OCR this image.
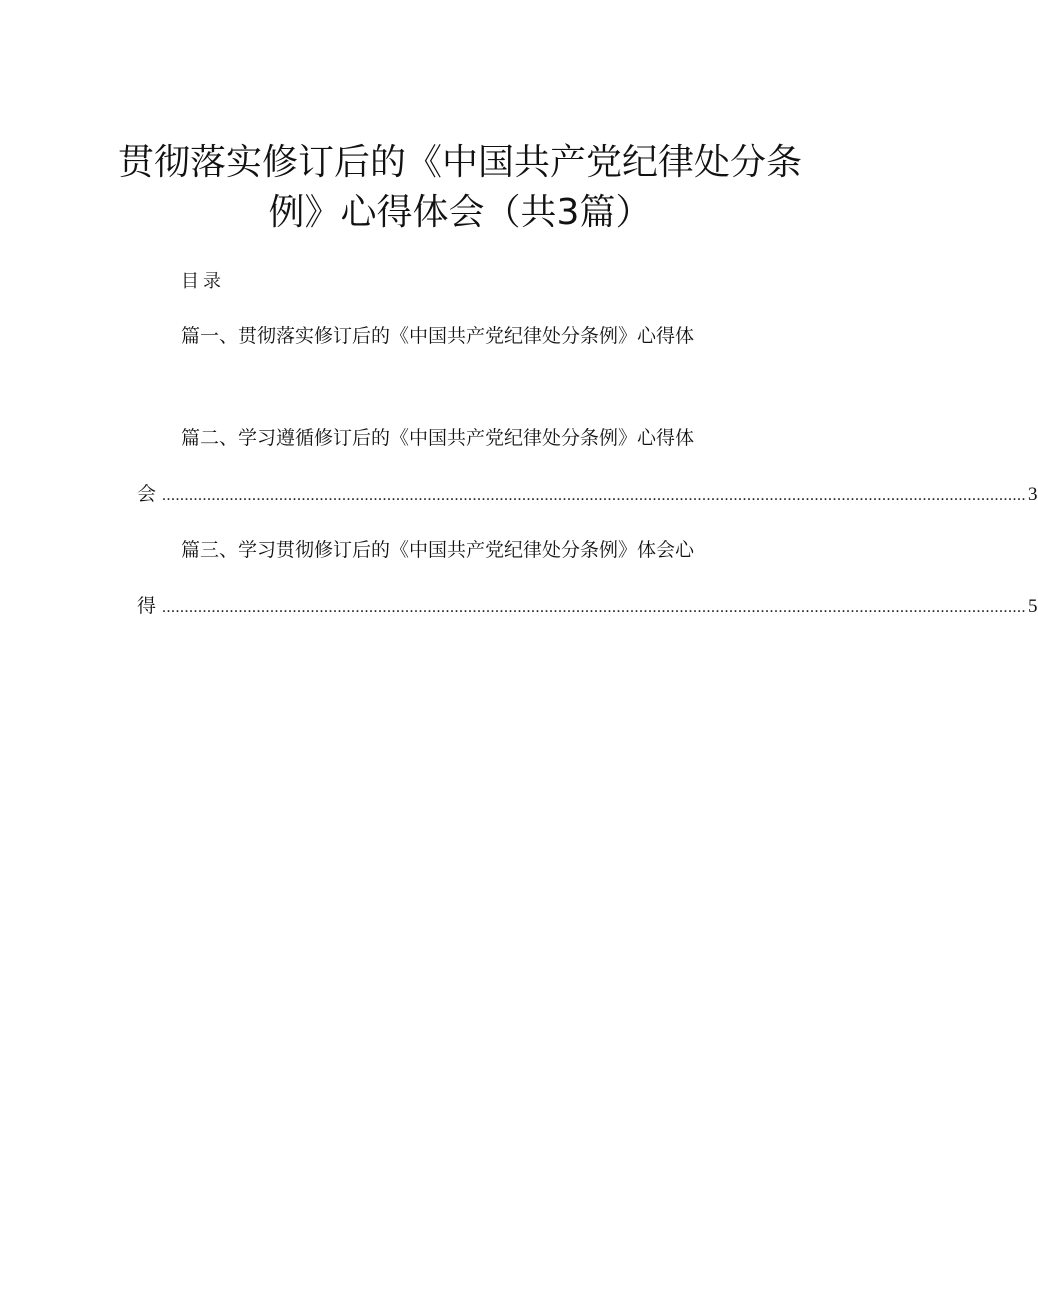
贯彻落实修订后的《中国共产党纪律处分条
例》心得体会（共3篇）
目录
篇一、贯彻落实修订后的《中国共产党纪律处分条例》心得体
篇二、学习遵循修订后的《中国共产党纪律处分条例》心得体
会 ................................................................................................................................................................................................ 3
篇三、学习贯彻修订后的《中国共产党纪律处分条例》体会心
得 ................................................................................................................................................................................................ 5
